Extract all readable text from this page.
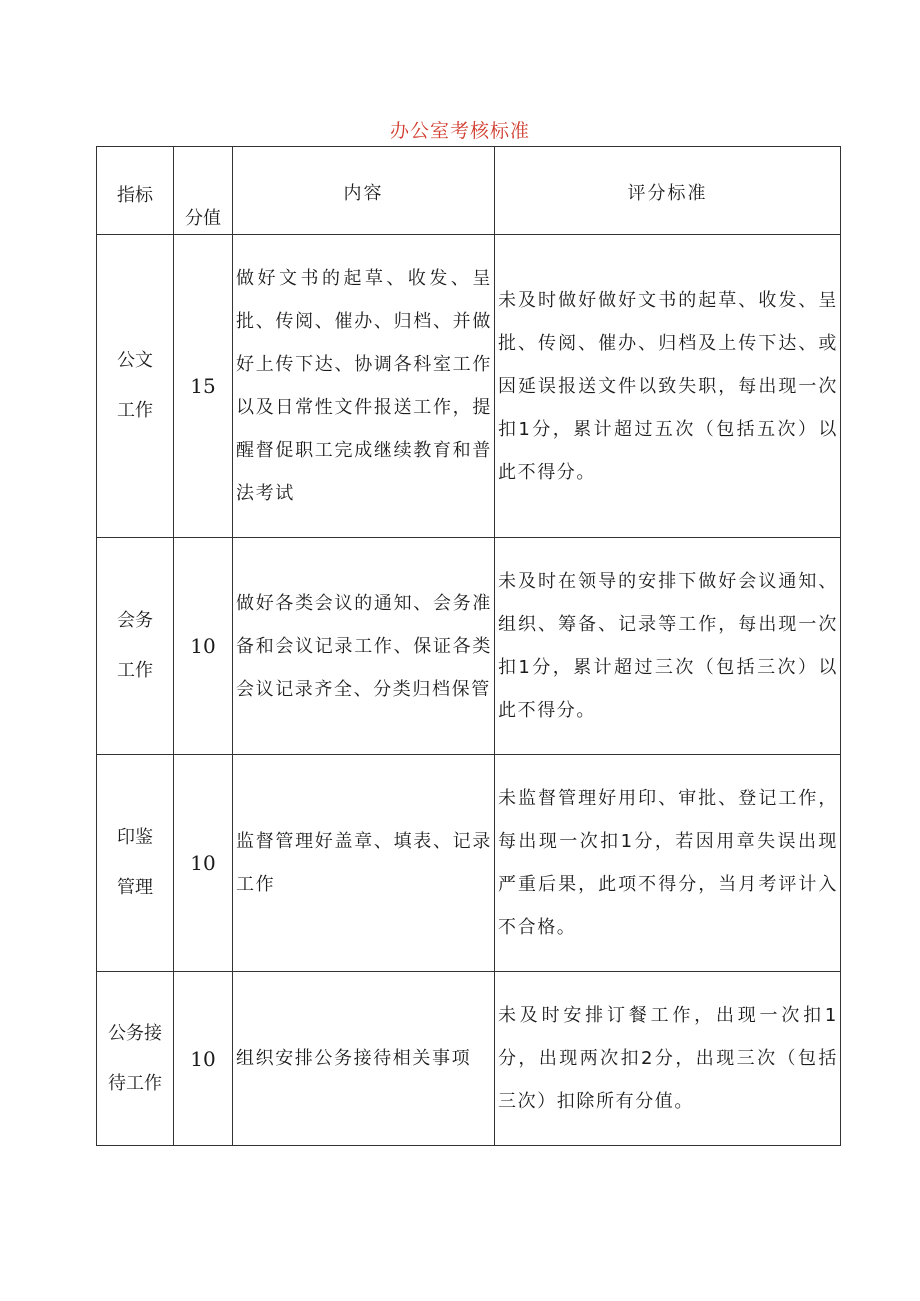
办公室考核标准
指标	分值	内容	评分标准

公文
工作	15	做好文书的起草、收发、呈批、传阅、催办、归档、并做好上传下达、协调各科室工作以及日常性文件报送工作，提醒督促职工完成继续教育和普法考试	未及时做好做好文书的起草、收发、呈批、传阅、催办、归档及上传下达、或因延误报送文件以致失职，每出现一次扣1分，累计超过五次（包括五次）以此不得分。

会务
工作	10	做好各类会议的通知、会务准备和会议记录工作、保证各类会议记录齐全、分类归档保管	未及时在领导的安排下做好会议通知、组织、筹备、记录等工作，每出现一次扣1分，累计超过三次（包括三次）以此不得分。

印鉴
管理	10	监督管理好盖章、填表、记录工作	未监督管理好用印、审批、登记工作，每出现一次扣1分，若因用章失误出现严重后果，此项不得分，当月考评计入不合格。

公务接
待工作	10	组织安排公务接待相关事项	未及时安排订餐工作，出现一次扣1分，出现两次扣2分，出现三次（包括三次）扣除所有分值。
